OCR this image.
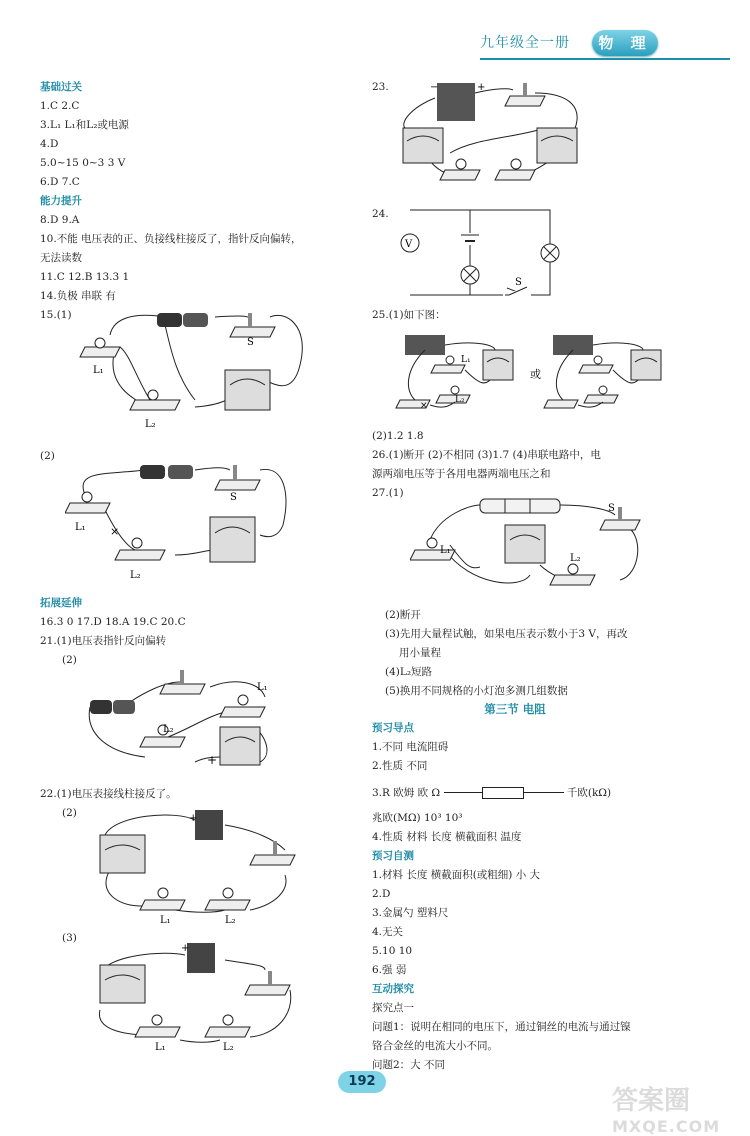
九年级全一册	物 理
基础过关
1.C 2.C
3.L₁ L₁和L₂或电源
4.D
5.0~15 0~3 3 V
6.D 7.C
能力提升
8.D 9.A
10.不能 电压表的正、负接线柱接反了，指针反向偏转，
无法读数
11.C 12.B 13.3 1
14.负极 串联 有
15.(1)
S
L₁
L₂
(2)
×
S
L₁
L₂
拓展延伸
16.3 0 17.D 18.A 19.C 20.C
21.(1)电压表指针反向偏转
(2)
+
L₁
L₂
22.(1)电压表接线柱接反了。
(2)	+
L₁	L₂
(3)
+
L₁	L₂
23.	+
−
24.
V
S
25.(1)如下图：
×
L₁
L₂
或
(2)1.2 1.8
26.(1)断开 (2)不相同 (3)1.7 (4)串联电路中，电
源两端电压等于各用电器两端电压之和
27.(1)
S
L₁
L₂
(2)断开
(3)先用大量程试触，如果电压表示数小于3 V，再改
用小量程
(4)L₂短路
(5)换用不同规格的小灯泡多测几组数据
第三节 电阻
预习导点
1.不同 电流阻碍
2.性质 不同
3.R 欧姆 欧 Ω	千欧(kΩ)
兆欧(MΩ) 10³ 10³
4.性质 材料 长度 横截面积 温度
预习自测
1.材料 长度 横截面积(或粗细) 小 大
2.D
3.金属勺 塑料尺
4.无关
5.10 10
6.强 弱
互动探究
探究点一
问题1：说明在相同的电压下，通过铜丝的电流与通过镍
铬合金丝的电流大小不同。
问题2：大 不同
192
答案圈
MXQE.COM
